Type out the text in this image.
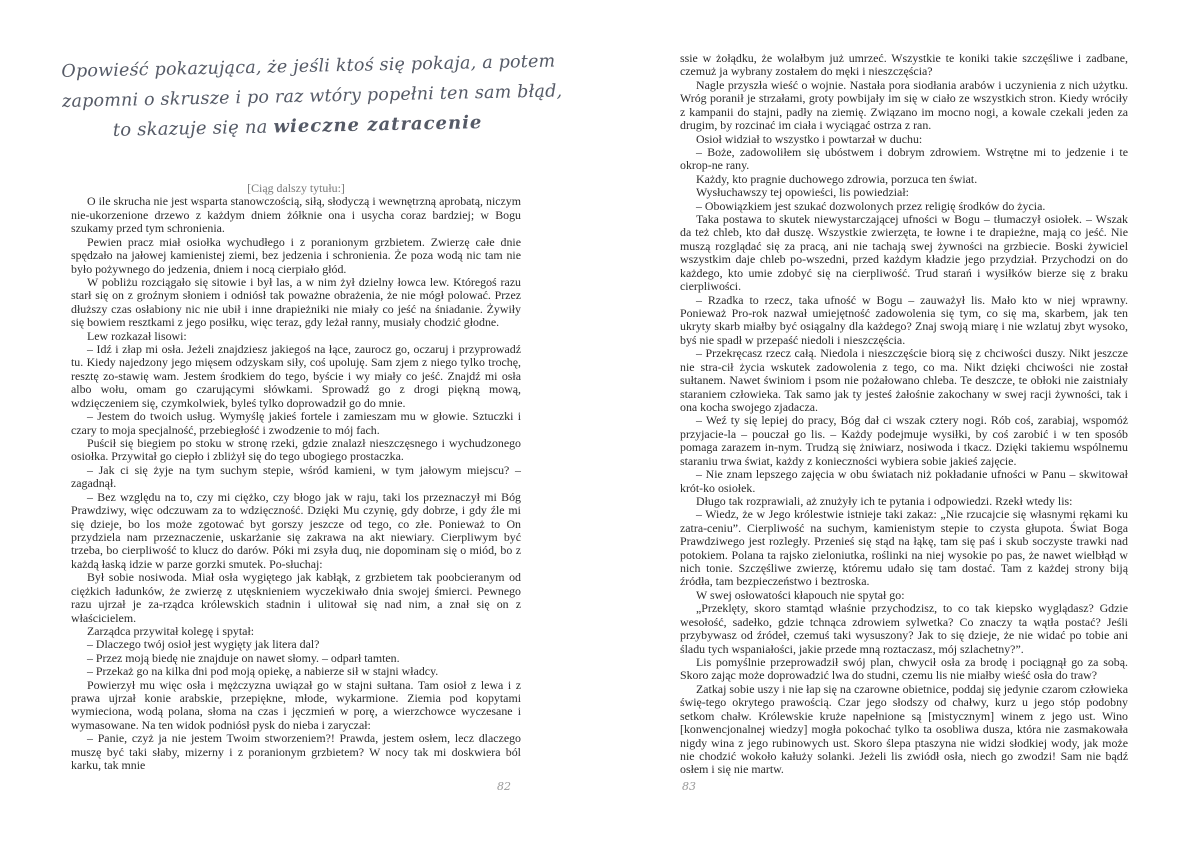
Opowieść pokazująca, że jeśli ktoś się pokaja, a potem
zapomni o skrusze i po raz wtóry popełni ten sam błąd,
to skazuje się na wieczne zatracenie

[Ciąg dalszy tytułu:]

O ile skrucha nie jest wsparta stanowczością, siłą, słodyczą i wewnętrzną aprobatą, niczym nie-ukorzenione drzewo z każdym dniem żółknie ona i usycha coraz bardziej; w Bogu szukamy przed tym schronienia.

Pewien pracz miał osiołka wychudłego i z poranionym grzbietem. Zwierzę całe dnie spędzało na jałowej kamienistej ziemi, bez jedzenia i schronienia. Że poza wodą nic tam nie było pożywnego do jedzenia, dniem i nocą cierpiało głód.

W pobliżu rozciągało się sitowie i był las, a w nim żył dzielny łowca lew. Któregoś razu starł się on z groźnym słoniem i odniósł tak poważne obrażenia, że nie mógł polować. Przez dłuższy czas osłabiony nic nie ubił i inne drapieżniki nie miały co jeść na śniadanie. Żywiły się bowiem resztkami z jego posiłku, więc teraz, gdy leżał ranny, musiały chodzić głodne.

Lew rozkazał lisowi:

– Idź i złap mi osła. Jeżeli znajdziesz jakiegoś na łące, zaurocz go, oczaruj i przyprowadź tu. Kiedy najedzony jego mięsem odzyskam siły, coś upoluję. Sam zjem z niego tylko trochę, resztę zo-stawię wam. Jestem środkiem do tego, byście i wy miały co jeść. Znajdź mi osła albo wołu, omam go czarującymi słówkami. Sprowadź go z drogi piękną mową, wdzięczeniem się, czymkolwiek, byleś tylko doprowadził go do mnie.

– Jestem do twoich usług. Wymyślę jakieś fortele i zamieszam mu w głowie. Sztuczki i czary to moja specjalność, przebiegłość i zwodzenie to mój fach.

Puścił się biegiem po stoku w stronę rzeki, gdzie znalazł nieszczęsnego i wychudzonego osiołka. Przywitał go ciepło i zbliżył się do tego ubogiego prostaczka.

– Jak ci się żyje na tym suchym stepie, wśród kamieni, w tym jałowym miejscu? – zagadnął.

– Bez względu na to, czy mi ciężko, czy błogo jak w raju, taki los przeznaczył mi Bóg Prawdziwy, więc odczuwam za to wdzięczność. Dzięki Mu czynię, gdy dobrze, i gdy źle mi się dzieje, bo los może zgotować byt gorszy jeszcze od tego, co złe. Ponieważ to On przydziela nam przeznaczenie, uskarżanie się zakrawa na akt niewiary. Cierpliwym być trzeba, bo cierpliwość to klucz do darów. Póki mi zsyła duq, nie dopominam się o miód, bo z każdą łaską idzie w parze gorzki smutek. Po-słuchaj:

Był sobie nosiwoda. Miał osła wygiętego jak kabłąk, z grzbietem tak poobcieranym od ciężkich ładunków, że zwierzę z utęsknieniem wyczekiwało dnia swojej śmierci. Pewnego razu ujrzał je za-rządca królewskich stadnin i ulitował się nad nim, a znał się on z właścicielem.

Zarządca przywitał kolegę i spytał:

– Dlaczego twój osioł jest wygięty jak litera dal?

– Przez moją biedę nie znajduje on nawet słomy. – odparł tamten.

– Przekaż go na kilka dni pod moją opiekę, a nabierze sił w stajni władcy.

Powierzył mu więc osła i mężczyzna uwiązał go w stajni sułtana. Tam osioł z lewa i z prawa ujrzał konie arabskie, przepiękne, młode, wykarmione. Ziemia pod kopytami wymieciona, wodą polana, słoma na czas i jęczmień w porę, a wierzchowce wyczesane i wymasowane. Na ten widok podniósł pysk do nieba i zaryczał:

– Panie, czyż ja nie jestem Twoim stworzeniem?! Prawda, jestem osłem, lecz dlaczego muszę być taki słaby, mizerny i z poranionym grzbietem? W nocy tak mi doskwiera ból karku, tak mnie

82

ssie w żołądku, że wolałbym już umrzeć. Wszystkie te koniki takie szczęśliwe i zadbane, czemuż ja wybrany zostałem do męki i nieszczęścia?

Nagle przyszła wieść o wojnie. Nastała pora siodłania arabów i uczynienia z nich użytku. Wróg poranił je strzałami, groty powbijały im się w ciało ze wszystkich stron. Kiedy wróciły z kampanii do stajni, padły na ziemię. Związano im mocno nogi, a kowale czekali jeden za drugim, by rozcinać im ciała i wyciągać ostrza z ran.

Osioł widział to wszystko i powtarzał w duchu:

– Boże, zadowoliłem się ubóstwem i dobrym zdrowiem. Wstrętne mi to jedzenie i te okrop-ne rany.

Każdy, kto pragnie duchowego zdrowia, porzuca ten świat.

Wysłuchawszy tej opowieści, lis powiedział:

– Obowiązkiem jest szukać dozwolonych przez religię środków do życia.

Taka postawa to skutek niewystarczającej ufności w Bogu – tłumaczył osiołek. – Wszak da też chleb, kto dał duszę. Wszystkie zwierzęta, te łowne i te drapieżne, mają co jeść. Nie muszą rozglądać się za pracą, ani nie tachają swej żywności na grzbiecie. Boski żywiciel wszystkim daje chleb po-wszedni, przed każdym kładzie jego przydział. Przychodzi on do każdego, kto umie zdobyć się na cierpliwość. Trud starań i wysiłków bierze się z braku cierpliwości.

– Rzadka to rzecz, taka ufność w Bogu – zauważył lis. Mało kto w niej wprawny. Ponieważ Pro-rok nazwał umiejętność zadowolenia się tym, co się ma, skarbem, jak ten ukryty skarb miałby być osiągalny dla każdego? Znaj swoją miarę i nie wzlatuj zbyt wysoko, byś nie spadł w przepaść niedoli i nieszczęścia.

– Przekręcasz rzecz całą. Niedola i nieszczęście biorą się z chciwości duszy. Nikt jeszcze nie stra-cił życia wskutek zadowolenia z tego, co ma. Nikt dzięki chciwości nie został sułtanem. Nawet świniom i psom nie pożałowano chleba. Te deszcze, te obłoki nie zaistniały staraniem człowieka. Tak samo jak ty jesteś żałośnie zakochany w swej racji żywności, tak i ona kocha swojego zjadacza.

– Weź ty się lepiej do pracy, Bóg dał ci wszak cztery nogi. Rób coś, zarabiaj, wspomóż przyjacie-la – pouczał go lis. – Każdy podejmuje wysiłki, by coś zarobić i w ten sposób pomaga zarazem in-nym. Trudzą się żniwiarz, nosiwoda i tkacz. Dzięki takiemu wspólnemu staraniu trwa świat, każdy z konieczności wybiera sobie jakieś zajęcie.

– Nie znam lepszego zajęcia w obu światach niż pokładanie ufności w Panu – skwitował krót-ko osiołek.

Długo tak rozprawiali, aż znużyły ich te pytania i odpowiedzi. Rzekł wtedy lis:

– Wiedz, że w Jego królestwie istnieje taki zakaz: „Nie rzucajcie się własnymi rękami ku zatra-ceniu”. Cierpliwość na suchym, kamienistym stepie to czysta głupota. Świat Boga Prawdziwego jest rozległy. Przenieś się stąd na łąkę, tam się paś i skub soczyste trawki nad potokiem. Polana ta rajsko zieloniutka, roślinki na niej wysokie po pas, że nawet wielbłąd w nich tonie. Szczęśliwe zwierzę, któremu udało się tam dostać. Tam z każdej strony biją źródła, tam bezpieczeństwo i beztroska.

W swej osłowatości kłapouch nie spytał go:

„Przeklęty, skoro stamtąd właśnie przychodzisz, to co tak kiepsko wyglądasz? Gdzie wesołość, sadełko, gdzie tchnąca zdrowiem sylwetka? Co znaczy ta wątła postać? Jeśli przybywasz od źródeł, czemuś taki wysuszony? Jak to się dzieje, że nie widać po tobie ani śladu tych wspaniałości, jakie przede mną roztaczasz, mój szlachetny?”.

Lis pomyślnie przeprowadził swój plan, chwycił osła za brodę i pociągnął go za sobą. Skoro zając może doprowadzić lwa do studni, czemu lis nie miałby wieść osła do traw?

Zatkaj sobie uszy i nie łap się na czarowne obietnice, poddaj się jedynie czarom człowieka świę-tego okrytego prawością. Czar jego słodszy od chałwy, kurz u jego stóp podobny setkom chałw. Królewskie krużе napełnione są [mistycznym] winem z jego ust. Wino [konwencjonalnej wiedzy] mogła pokochać tylko ta osobliwa dusza, która nie zasmakowała nigdy wina z jego rubinowych ust. Skoro ślepa ptaszyna nie widzi słodkiej wody, jak może nie chodzić wokoło kałuży solanki. Jeżeli lis zwiódł osła, niech go zwodzi! Sam nie bądź osłem i się nie martw.

83
